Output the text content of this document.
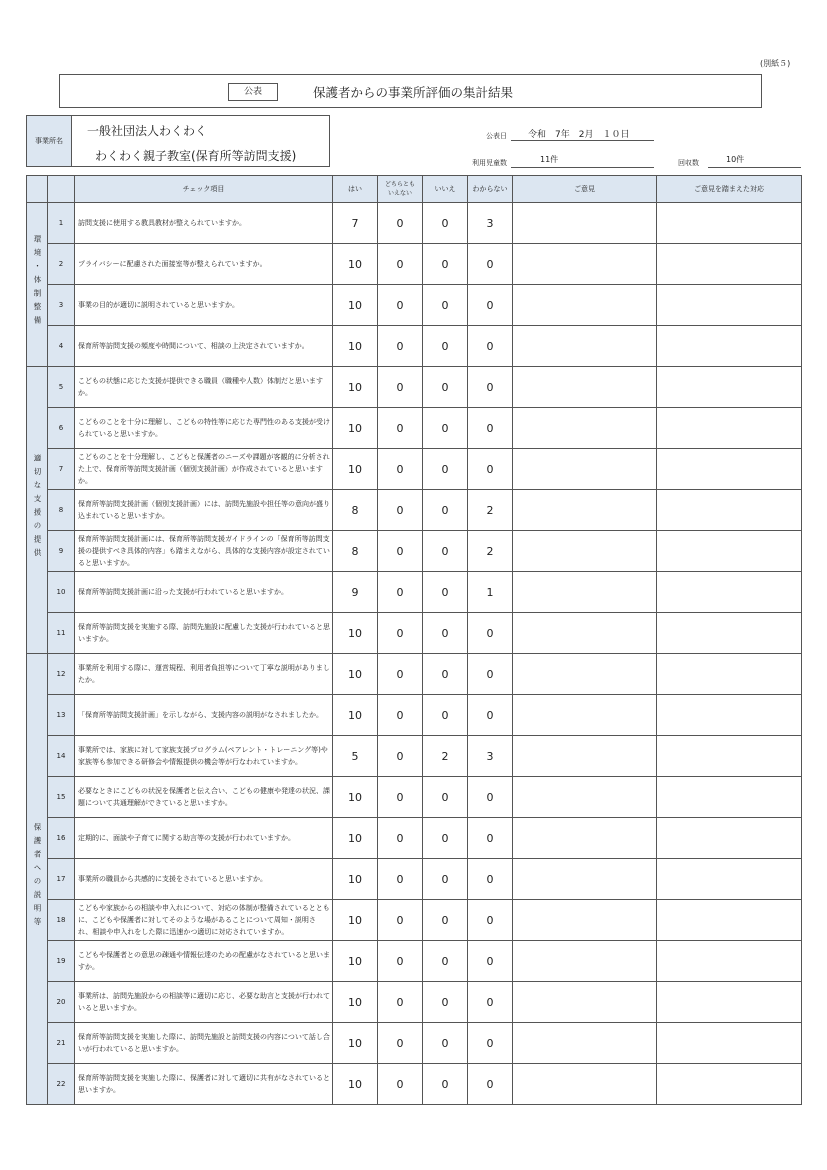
(別紙５)
公表	保護者からの事業所評価の集計結果
事業所名
一般社団法人わくわく
わくわく親子教室(保育所等訪問支援)
公表日	令和　7年　2月　１０日
利用児童数	11件	回収数	10件
		チェック項目	はい	どちらとも
いえない	いいえ	わからない	ご意見	ご意見を踏まえた対応
環境・体制整備	1	訪問支援に使用する教具教材が整えられていますか。	7	0	0	3		
	2	プライバシーに配慮された面接室等が整えられていますか。	10	0	0	0		
	3	事業の目的が適切に説明されていると思いますか。	10	0	0	0		
	4	保育所等訪問支援の頻度や時間について、相談の上決定されていますか。	10	0	0	0		
適切な支援の提供	5	こどもの状態に応じた支援が提供できる職員（職種や人数）体制だと思いますか。	10	0	0	0		
	6	こどものことを十分に理解し、こどもの特性等に応じた専門性のある支援が受けられていると思いますか。	10	0	0	0		
	7	こどものことを十分理解し、こどもと保護者のニーズや課題が客観的に分析された上で、保育所等訪問支援計画（個別支援計画）が作成されていると思いますか。	10	0	0	0		
	8	保育所等訪問支援計画（個別支援計画）には、訪問先施設や担任等の意向が盛り込まれていると思いますか。	8	0	0	2		
	9	保育所等訪問支援計画には、保育所等訪問支援ガイドラインの「保育所等訪問支援の提供すべき具体的内容」も踏まえながら、具体的な支援内容が設定されていると思いますか。	8	0	0	2		
	10	保育所等訪問支援計画に沿った支援が行われていると思いますか。	9	0	0	1		
	11	保育所等訪問支援を実施する際、訪問先施設に配慮した支援が行われていると思いますか。	10	0	0	0		
保護者への説明等	12	事業所を利用する際に、運営規程、利用者負担等について丁寧な説明がありましたか。	10	0	0	0		
	13	「保育所等訪問支援計画」を示しながら、支援内容の説明がなされましたか。	10	0	0	0		
	14	事業所では、家族に対して家族支援プログラム(ペアレント・トレーニング等)や家族等も参加できる研修会や情報提供の機会等が行なわれていますか。	5	0	2	3		
	15	必要なときにこどもの状況を保護者と伝え合い、こどもの健康や発達の状況、課題について共通理解ができていると思いますか。	10	0	0	0		
	16	定期的に、面談や子育てに関する助言等の支援が行われていますか。	10	0	0	0		
	17	事業所の職員から共感的に支援をされていると思いますか。	10	0	0	0		
	18	こどもや家族からの相談や申入れについて、対応の体制が整備されているとともに、こどもや保護者に対してそのような場があることについて周知・説明され、相談や申入れをした際に迅速かつ適切に対応されていますか。	10	0	0	0		
	19	こどもや保護者との意思の疎通や情報伝達のための配慮がなされていると思いますか。	10	0	0	0		
	20	事業所は、訪問先施設からの相談等に適切に応じ、必要な助言と支援が行われていると思いますか。	10	0	0	0		
	21	保育所等訪問支援を実施した際に、訪問先施設と訪問支援の内容について話し合いが行われていると思いますか。	10	0	0	0		
	22	保育所等訪問支援を実施した際に、保護者に対して適切に共有がなされていると思いますか。	10	0	0	0		
